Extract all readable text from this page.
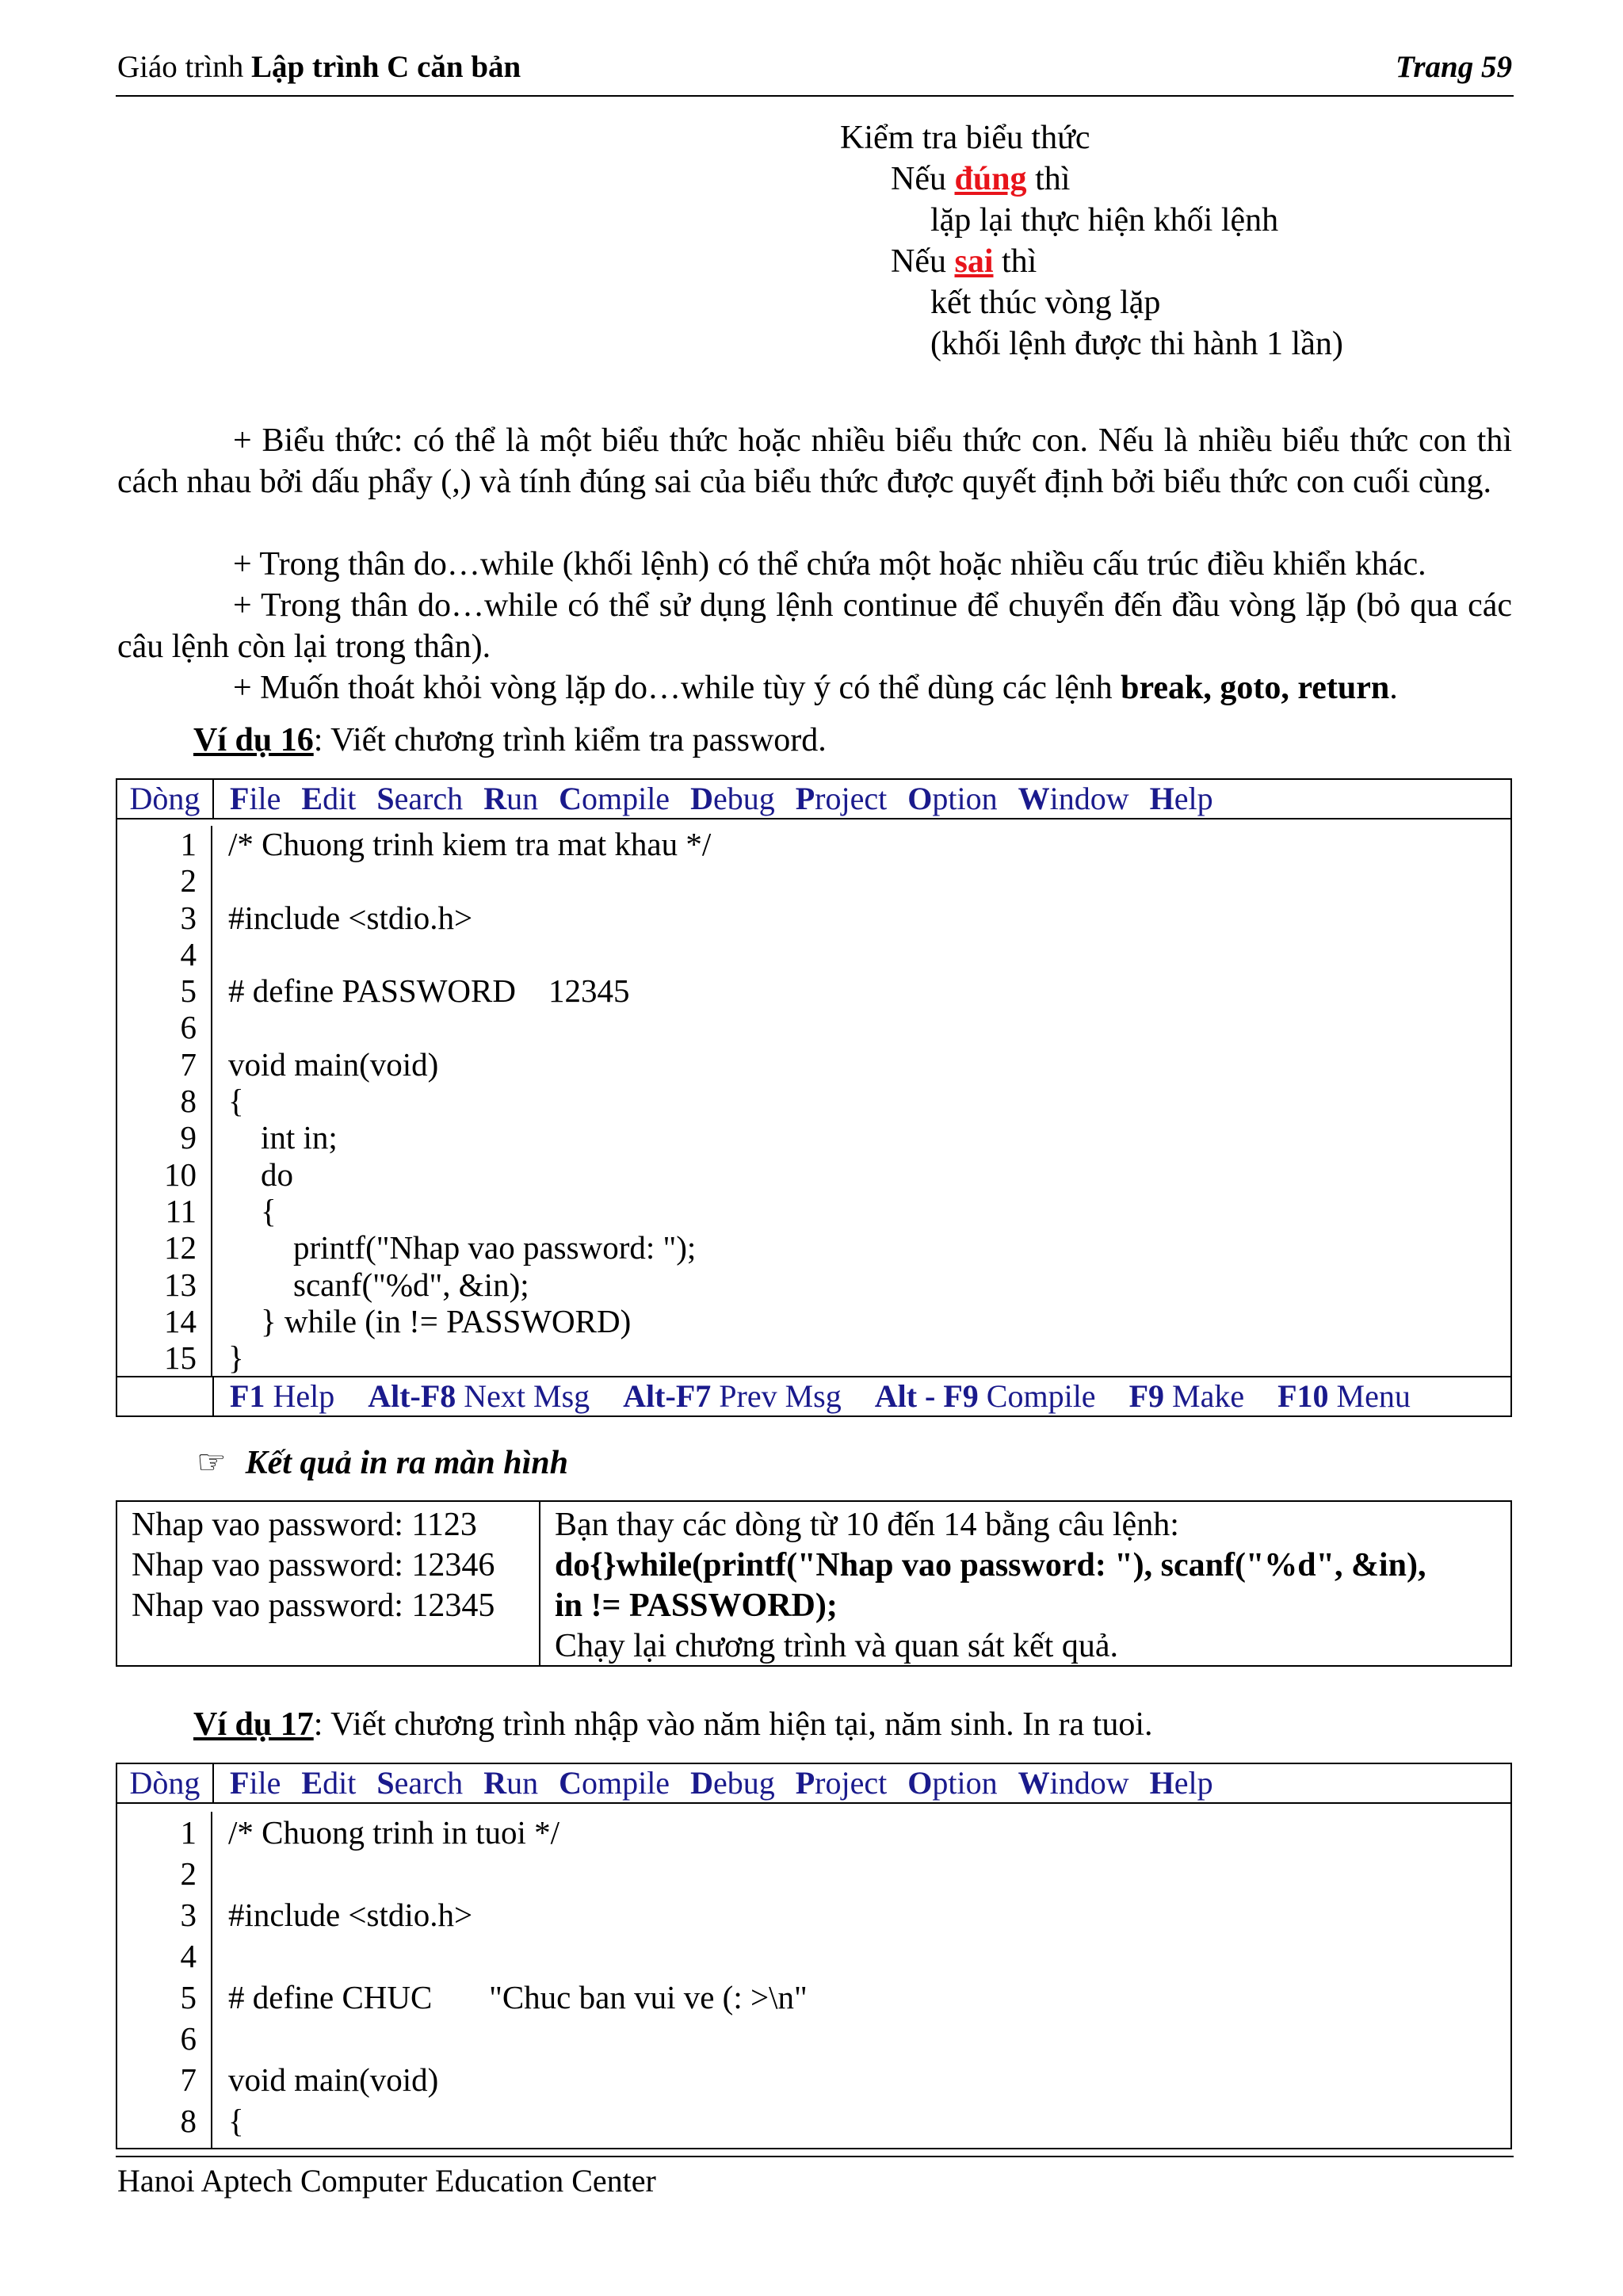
Giáo trình Lập trình C căn bản	Trang 59
Kiểm tra biểu thức
Nếu đúng thì
lặp lại thực hiện khối lệnh
Nếu sai thì
kết thúc vòng lặp
(khối lệnh được thi hành 1 lần)
+ Biểu thức: có thể là một biểu thức hoặc nhiều biểu thức con. Nếu là nhiều biểu thức con thì cách nhau bởi dấu phẩy (,) và tính đúng sai của biểu thức được quyết định bởi biểu thức con cuối cùng.
+ Trong thân do…while (khối lệnh) có thể chứa một hoặc nhiều cấu trúc điều khiển khác.
+ Trong thân do…while có thể sử dụng lệnh continue để chuyển đến đầu vòng lặp (bỏ qua các câu lệnh còn lại trong thân).
+ Muốn thoát khỏi vòng lặp do…while tùy ý có thể dùng các lệnh break, goto, return.
Ví dụ 16: Viết chương trình kiểm tra password.
Dòng File Edit Search Run Compile Debug Project Option Window Help
1
2
3
4
5
6
7
8
9
10
11
12
13
14
15
/* Chuong trinh kiem tra mat khau */

#include <stdio.h>

# define PASSWORD    12345

void main(void)
{
int in;
do
{
printf("Nhap vao password: ");
scanf("%d", &in);
} while (in != PASSWORD)
}
F1 Help Alt-F8 Next Msg Alt-F7 Prev Msg Alt - F9 Compile F9 Make F10 Menu
☞ Kết quả in ra màn hình
Nhap vao password: 1123
Nhap vao password: 12346
Nhap vao password: 12345
Bạn thay các dòng từ 10 đến 14 bằng câu lệnh:
do{}while(printf("Nhap vao password: "), scanf("%d", &in),
in != PASSWORD);
Chạy lại chương trình và quan sát kết quả.
Ví dụ 17: Viết chương trình nhập vào năm hiện tại, năm sinh. In ra tuoi.
Dòng File Edit Search Run Compile Debug Project Option Window Help
1
2
3
4
5
6
7
8
/* Chuong trinh in tuoi */

#include <stdio.h>

# define CHUC       "Chuc ban vui ve (: >\n"

void main(void)
{
Hanoi Aptech Computer Education Center
